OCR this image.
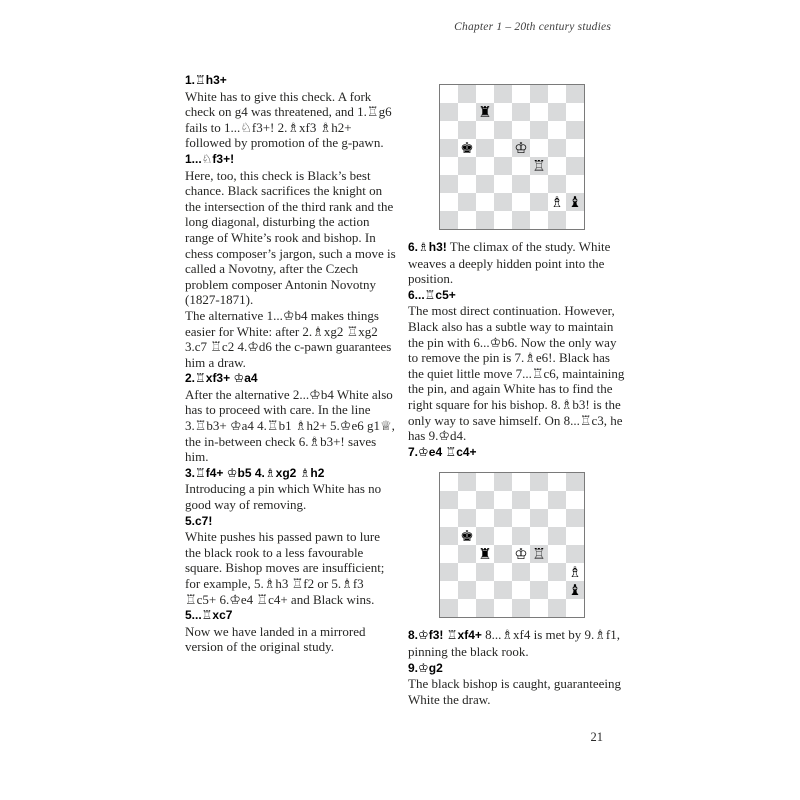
Chapter 1 – 20th century studies

1.♖h3+

White has to give this check. A fork check on g4 was threatened, and 1.♖g6 fails to 1...♘f3+! 2.♗xf3 ♗h2+ followed by promotion of the g-pawn.

1...♘f3+!

Here, too, this check is Black’s best chance. Black sacrifices the knight on the intersection of the third rank and the long diagonal, disturbing the action range of White’s rook and bishop. In chess composer’s jargon, such a move is called a Novotny, after the Czech problem composer Antonin Novotny (1827-1871).

The alternative 1...♔b4 makes things easier for White: after 2.♗xg2 ♖xg2 3.c7 ♖c2 4.♔d6 the c-pawn guarantees him a draw.

2.♖xf3+ ♔a4

After the alternative 2...♔b4 White also has to proceed with care. In the line 3.♖b3+ ♔a4 4.♖b1 ♗h2+ 5.♔e6 g1♕, the in-between check 6.♗b3+! saves him.

3.♖f4+ ♔b5 4.♗xg2 ♗h2

Introducing a pin which White has no good way of removing.

5.c7!

White pushes his passed pawn to lure the black rook to a less favourable square. Bishop moves are insufficient; for example, 5.♗h3 ♖f2 or 5.♗f3 ♖c5+ 6.♔e4 ♖c4+ and Black wins.

5...♖xc7

Now we have landed in a mirrored version of the original study.

♜
♚	♔
♖
♗ ♝

6.♗h3! The climax of the study. White weaves a deeply hidden point into the position.

6...♖c5+

The most direct continuation. However, Black also has a subtle way to maintain the pin with 6...♔b6. Now the only way to remove the pin is 7.♗e6!. Black has the quiet little move 7...♖c6, maintaining the pin, and again White has to find the right square for his bishop. 8.♗b3! is the only way to save himself. On 8...♖c3, he has 9.♔d4.

7.♔e4 ♖c4+

♚
♜ ♔ ♖
♗
♝

8.♔f3! ♖xf4+ 8...♗xf4 is met by 9.♗f1, pinning the black rook.

9.♔g2

The black bishop is caught, guaranteeing White the draw.

21
